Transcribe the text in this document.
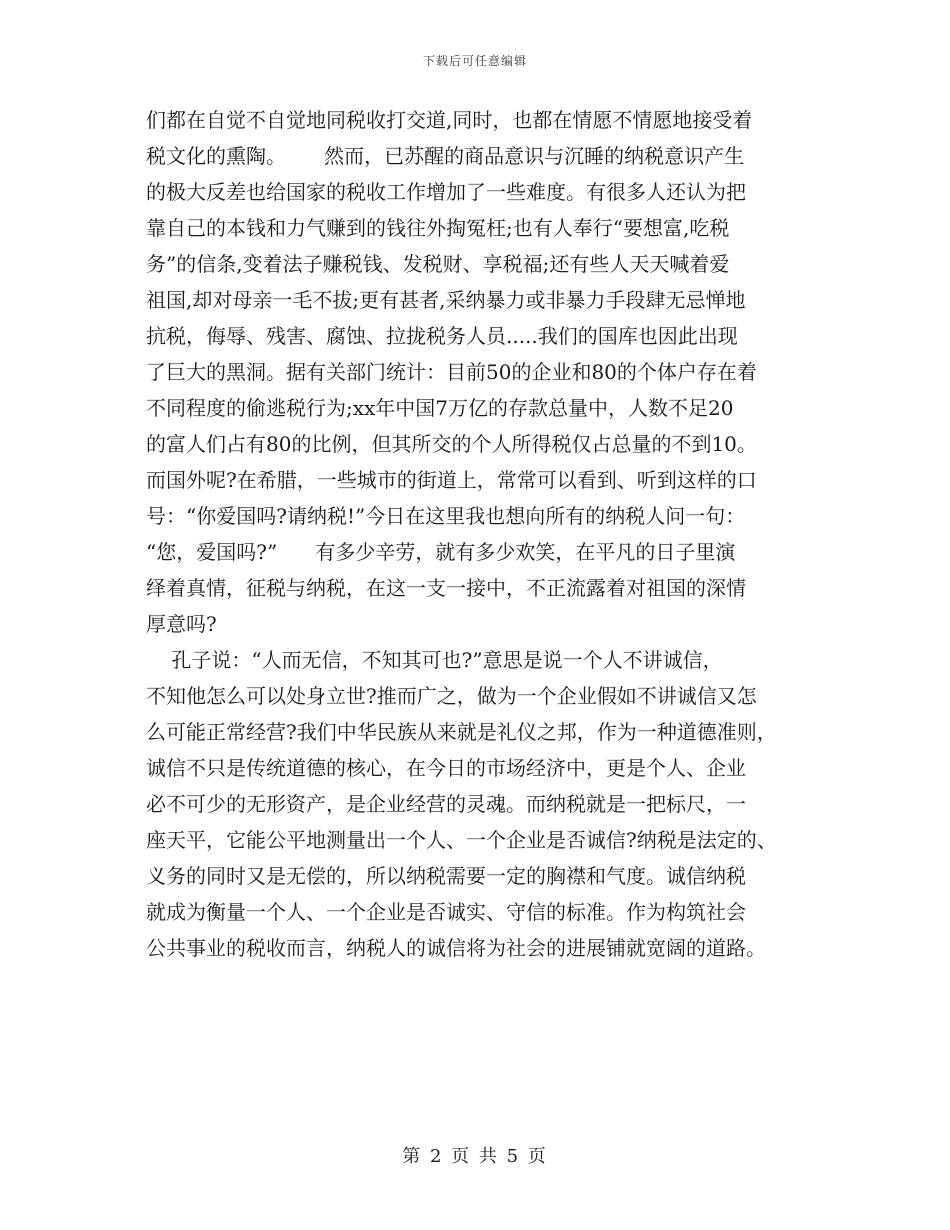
下载后可任意编辑
们都在自觉不自觉地同税收打交道,同时，也都在情愿不情愿地接受着
税文化的熏陶。      然而，已苏醒的商品意识与沉睡的纳税意识产生
的极大反差也给国家的税收工作增加了一些难度。有很多人还认为把
靠自己的本钱和力气赚到的钱往外掏冤枉;也有人奉行“要想富,吃税
务”的信条,变着法子赚税钱、发税财、享税福;还有些人天天喊着爱
祖国,却对母亲一毛不拔;更有甚者,采纳暴力或非暴力手段肆无忌惮地
抗税，侮辱、残害、腐蚀、拉拢税务人员.....我们的国库也因此出现
了巨大的黑洞。据有关部门统计：目前50的企业和80的个体户存在着
不同程度的偷逃税行为;xx年中国7万亿的存款总量中，人数不足20
的富人们占有80的比例，但其所交的个人所得税仅占总量的不到10。
而国外呢?在希腊，一些城市的街道上，常常可以看到、听到这样的口
号：“你爱国吗?请纳税!”今日在这里我也想向所有的纳税人问一句：
“您，爱国吗?”      有多少辛劳，就有多少欢笑，在平凡的日子里演
绎着真情，征税与纳税，在这一支一接中，不正流露着对祖国的深情
厚意吗?
孔子说：“人而无信，不知其可也?”意思是说一个人不讲诚信，
不知他怎么可以处身立世?推而广之，做为一个企业假如不讲诚信又怎
么可能正常经营?我们中华民族从来就是礼仪之邦，作为一种道德准则，
诚信不只是传统道德的核心，在今日的市场经济中，更是个人、企业
必不可少的无形资产，是企业经营的灵魂。而纳税就是一把标尺，一
座天平，它能公平地测量出一个人、一个企业是否诚信?纳税是法定的、
义务的同时又是无偿的，所以纳税需要一定的胸襟和气度。诚信纳税
就成为衡量一个人、一个企业是否诚实、守信的标准。作为构筑社会
公共事业的税收而言，纳税人的诚信将为社会的进展铺就宽阔的道路。
第 2 页 共 5 页
